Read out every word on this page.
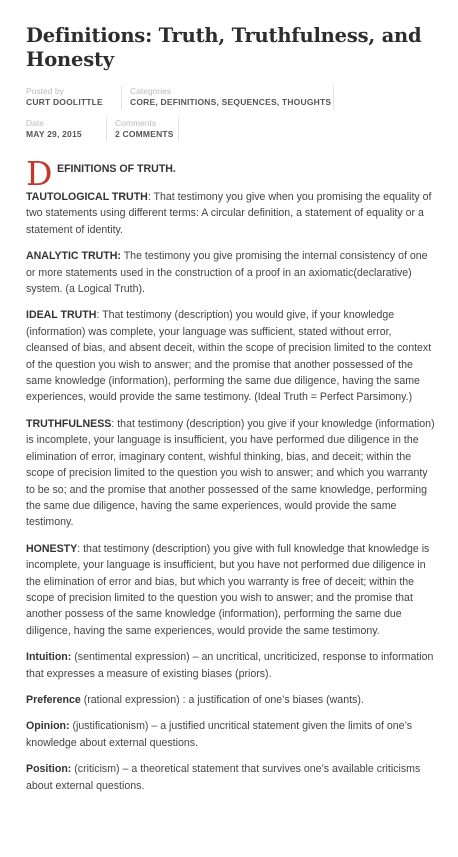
Definitions: Truth, Truthfulness, and Honesty
Posted by
CURT DOOLITTLE
Categories
CORE, DEFINITIONS, SEQUENCES, THOUGHTS
Date
MAY 29, 2015
Comments
2 COMMENTS
D EFINITIONS OF TRUTH.

TAUTOLOGICAL TRUTH: That testimony you give when you promising the equality of two statements using different terms: A circular definition, a statement of equality or a statement of identity.

ANALYTIC TRUTH: The testimony you give promising the internal consistency of one or more statements used in the construction of a proof in an axiomatic(declarative) system. (a Logical Truth).

IDEAL TRUTH: That testimony (description) you would give, if your knowledge (information) was complete, your language was sufficient, stated without error, cleansed of bias, and absent deceit, within the scope of precision limited to the context of the question you wish to answer; and the promise that another possessed of the same knowledge (information), performing the same due diligence, having the same experiences, would provide the same testimony. (Ideal Truth = Perfect Parsimony.)

TRUTHFULNESS: that testimony (description) you give if your knowledge (information) is incomplete, your language is insufficient, you have performed due diligence in the elimination of error, imaginary content, wishful thinking, bias, and deceit; within the scope of precision limited to the question you wish to answer; and which you warranty to be so; and the promise that another possessed of the same knowledge, performing the same due diligence, having the same experiences, would provide the same testimony.

HONESTY: that testimony (description) you give with full knowledge that knowledge is incomplete, your language is insufficient, but you have not performed due diligence in the elimination of error and bias, but which you warranty is free of deceit; within the scope of precision limited to the question you wish to answer; and the promise that another possess of the same knowledge (information), performing the same due diligence, having the same experiences, would provide the same testimony.

Intuition: (sentimental expression) – an uncritical, uncriticized, response to information that expresses a measure of existing biases (priors).

Preference (rational expression) : a justification of one’s biases (wants).

Opinion: (justificationism) – a justified uncritical statement given the limits of one’s knowledge about external questions.

Position: (criticism) – a theoretical statement that survives one’s available criticisms about external questions.
